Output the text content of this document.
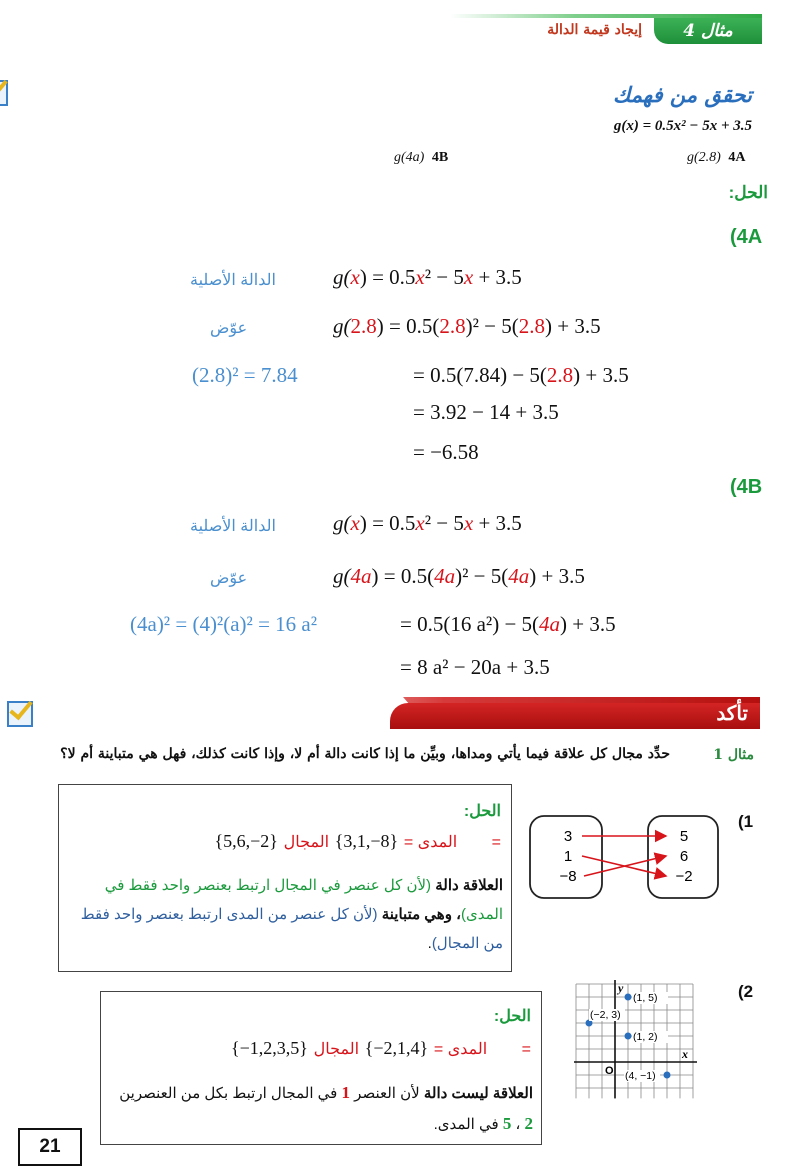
مثال 4
إيجاد قيمة الدالة

تحقق من فهمك
g(x) = 0.5x² − 5x + 3.5
g(2.8) 4A
g(4a) 4B
الحل:
(4A
الدالة الأصلية	g(x) = 0.5x² − 5x + 3.5
عوّض	g(2.8) = 0.5(2.8)² − 5(2.8) + 3.5
(2.8)² = 7.84	= 0.5(7.84) − 5(2.8) + 3.5
= 3.92 − 14 + 3.5
= −6.58
(4B
الدالة الأصلية	g(x) = 0.5x² − 5x + 3.5
عوّض	g(4a) = 0.5(4a)² − 5(4a) + 3.5
(4a)² = (4)²(a)² = 16 a²	= 0.5(16 a²) − 5(4a) + 3.5
= 8 a² − 20a + 3.5
تأكد
مثال 1
حدِّد مجال كل علاقة فيما يأتي ومداها، وبيِّن ما إذا كانت دالة أم لا، وإذا كانت كذلك، فهل هي متباينة أم لا؟
(1
3
1
−8
5
6
−2
الحل:
{5,6,−2}	المدى = {3,1,−8} المجال =
العلاقة دالة (لأن كل عنصر في المجال ارتبط بعنصر واحد فقط في المدى)، وهي متباينة (لأن كل عنصر من المدى ارتبط بعنصر واحد فقط من المجال).
(2
x
y
O
(−2, 3)
(1, 5)
(1, 2)
(4, −1)
الحل:
{−1,2,3,5}	المدى = {−2,1,4} المجال =
العلاقة ليست دالة لأن العنصر 1 في المجال ارتبط بكل من العنصرين 2 ، 5 في المدى.
21
